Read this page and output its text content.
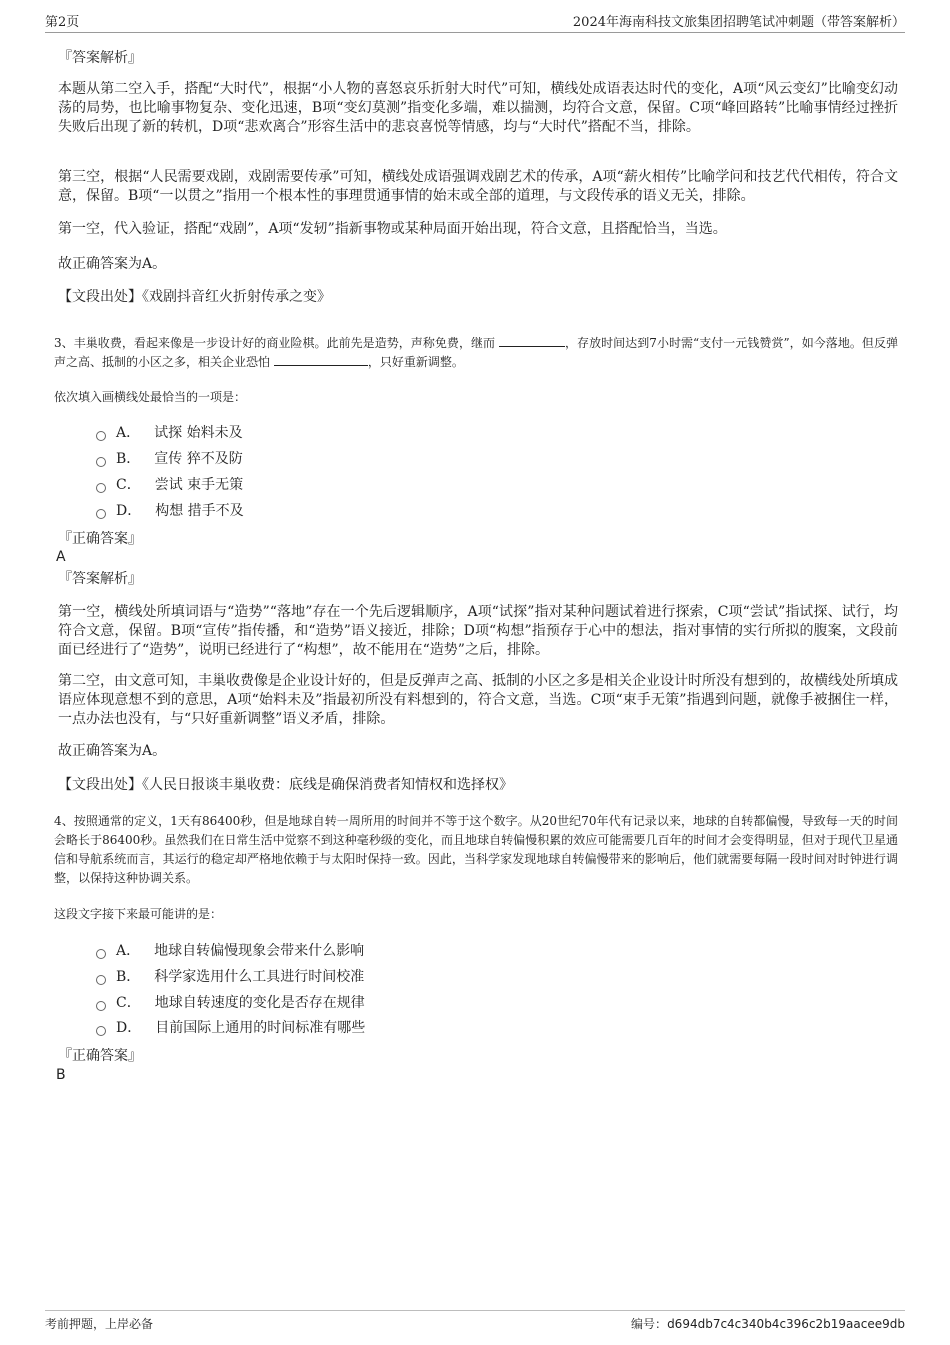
第2页	2024年海南科技文旅集团招聘笔试冲刺题（带答案解析）
『答案解析』
本题从第二空入手，搭配“大时代”，根据“小人物的喜怒哀乐折射大时代”可知，横线处成语表达时代的变化，A项“风云变幻”比喻变幻动荡的局势，也比喻事物复杂、变化迅速，B项“变幻莫测”指变化多端，难以揣测，均符合文意，保留。C项“峰回路转”比喻事情经过挫折失败后出现了新的转机，D项“悲欢离合”形容生活中的悲哀喜悦等情感，均与“大时代”搭配不当，排除。
第三空，根据“人民需要戏剧，戏剧需要传承”可知，横线处成语强调戏剧艺术的传承，A项“薪火相传”比喻学问和技艺代代相传，符合文意，保留。B项“一以贯之”指用一个根本性的事理贯通事情的始末或全部的道理，与文段传承的语义无关，排除。
第一空，代入验证，搭配“戏剧”，A项“发轫”指新事物或某种局面开始出现，符合文意，且搭配恰当，当选。
故正确答案为A。
【文段出处】《戏剧抖音红火折射传承之变》
3、丰巢收费，看起来像是一步设计好的商业险棋。此前先是造势，声称免费，继而	，存放时间达到7小时需“支付一元钱赞赏”，如今落地。但反弹声之高、抵制的小区之多，相关企业恐怕	，只好重新调整。
依次填入画横线处最恰当的一项是：
A． 试探 始料未及
B． 宣传 猝不及防
C． 尝试 束手无策
D． 构想 措手不及
『正确答案』
A
『答案解析』
第一空，横线处所填词语与“造势”“落地”存在一个先后逻辑顺序，A项“试探”指对某种问题试着进行探索，C项“尝试”指试探、试行，均符合文意，保留。B项“宣传”指传播，和“造势”语义接近，排除；D项“构想”指预存于心中的想法，指对事情的实行所拟的腹案，文段前面已经进行了“造势”，说明已经进行了“构想”，故不能用在“造势”之后，排除。
第二空，由文意可知，丰巢收费像是企业设计好的，但是反弹声之高、抵制的小区之多是相关企业设计时所没有想到的，故横线处所填成语应体现意想不到的意思，A项“始料未及”指最初所没有料想到的，符合文意，当选。C项“束手无策”指遇到问题，就像手被捆住一样，一点办法也没有，与“只好重新调整”语义矛盾，排除。
故正确答案为A。
【文段出处】《人民日报谈丰巢收费：底线是确保消费者知情权和选择权》
4、按照通常的定义，1天有86400秒，但是地球自转一周所用的时间并不等于这个数字。从20世纪70年代有记录以来，地球的自转都偏慢，导致每一天的时间会略长于86400秒。虽然我们在日常生活中觉察不到这种毫秒级的变化，而且地球自转偏慢积累的效应可能需要几百年的时间才会变得明显，但对于现代卫星通信和导航系统而言，其运行的稳定却严格地依赖于与太阳时保持一致。因此，当科学家发现地球自转偏慢带来的影响后，他们就需要每隔一段时间对时钟进行调整，以保持这种协调关系。
这段文字接下来最可能讲的是：
A． 地球自转偏慢现象会带来什么影响
B． 科学家选用什么工具进行时间校准
C． 地球自转速度的变化是否存在规律
D． 目前国际上通用的时间标准有哪些
『正确答案』
B
考前押题，上岸必备	编号：d694db7c4c340b4c396c2b19aacee9db
